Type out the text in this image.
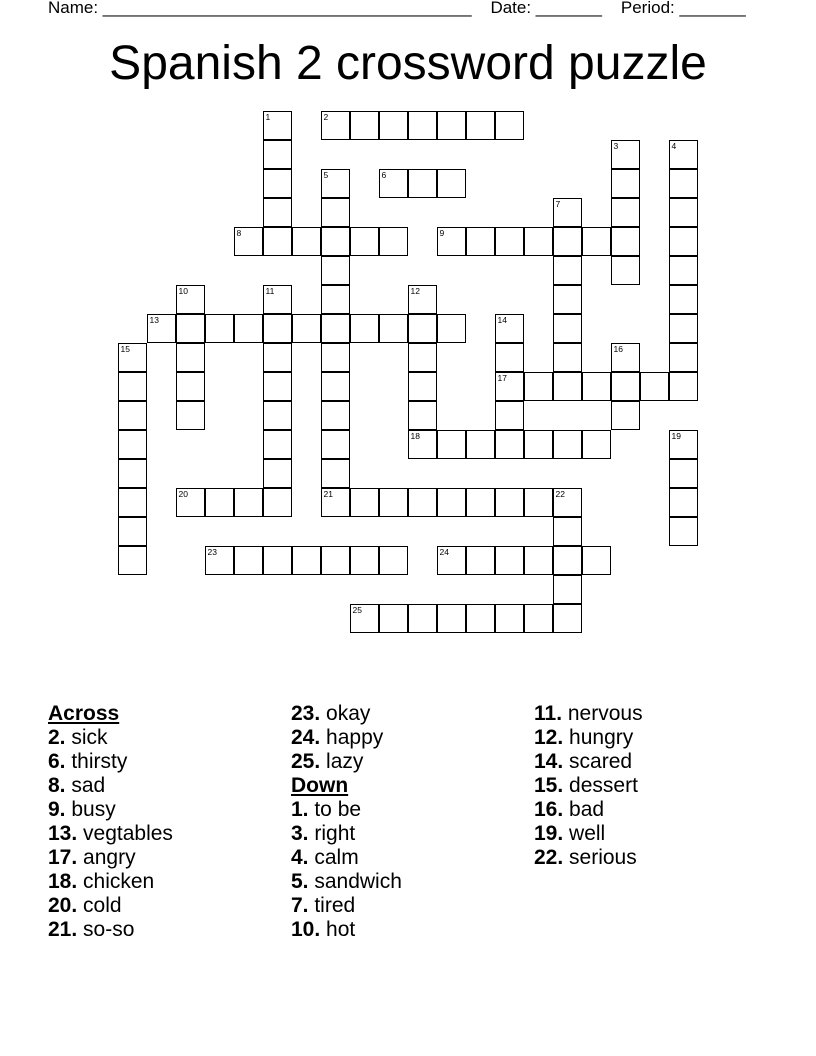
Name: _______________________________________ Date: _______ Period: _______
Spanish 2 crossword puzzle
1	2
3	4
5	6
7
8	9
10	11	12
18
13	14
17
15	16
19
20	21	22
23	24
25
Across
2. sick
6. thirsty
8. sad
9. busy
13. vegtables
17. angry
18. chicken
20. cold
21. so-so
23. okay
24. happy
25. lazy
Down
1. to be
3. right
4. calm
5. sandwich
7. tired
10. hot
11. nervous
12. hungry
14. scared
15. dessert
16. bad
19. well
22. serious
